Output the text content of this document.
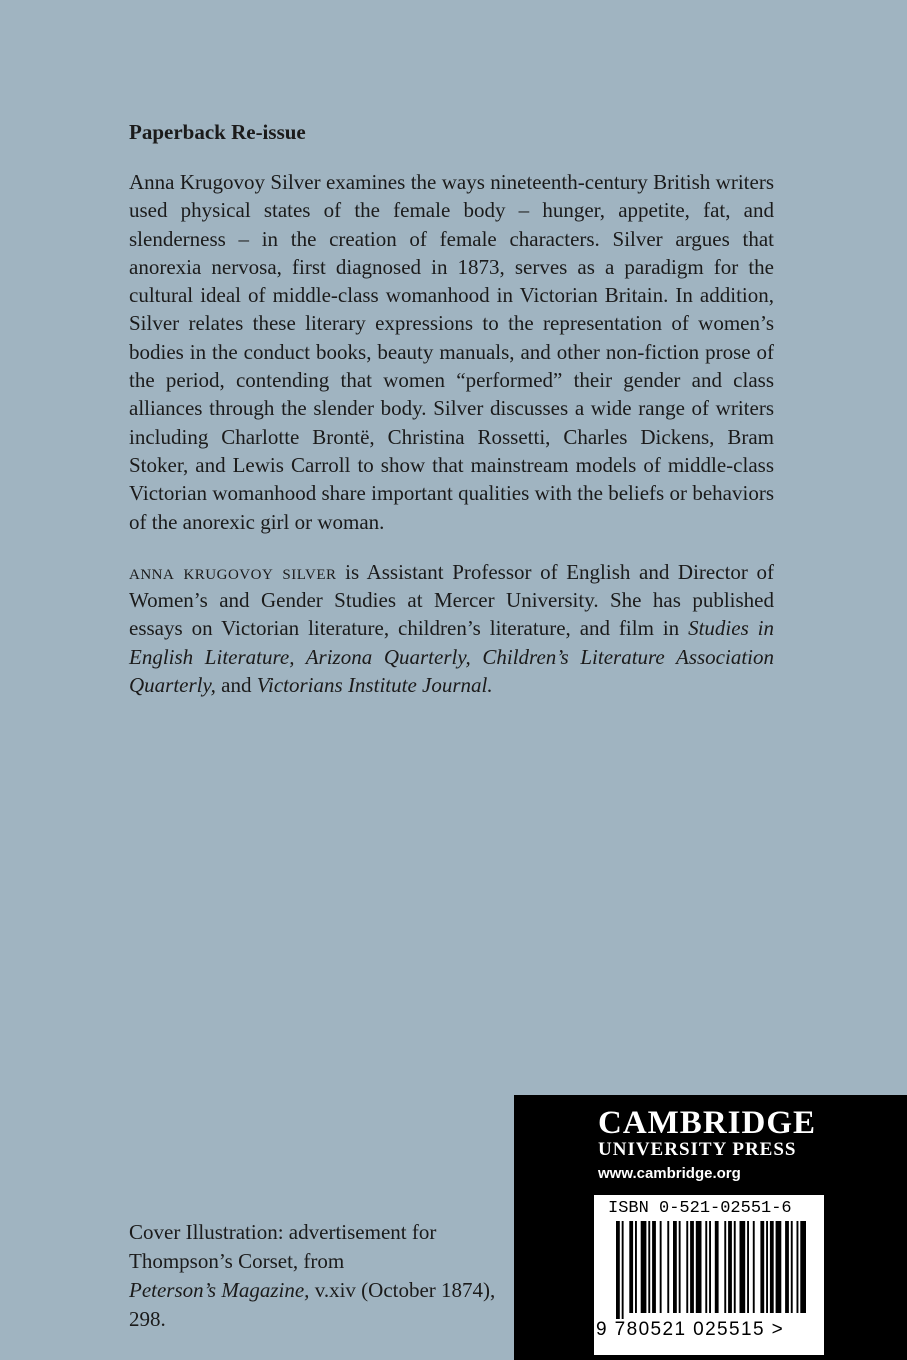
Paperback Re-issue

Anna Krugovoy Silver examines the ways nineteenth-century British writers used physical states of the female body – hunger, appetite, fat, and slenderness – in the creation of female characters. Silver argues that anorexia nervosa, first diagnosed in 1873, serves as a paradigm for the cultural ideal of middle-class womanhood in Victorian Britain. In addition, Silver relates these literary expressions to the representation of women’s bodies in the conduct books, beauty manuals, and other non-fiction prose of the period, contending that women “performed” their gender and class alliances through the slender body. Silver discusses a wide range of writers including Charlotte Brontë, Christina Rossetti, Charles Dickens, Bram Stoker, and Lewis Carroll to show that mainstream models of middle-class Victorian womanhood share important qualities with the beliefs or behaviors of the anorexic girl or woman.

anna krugovoy silver is Assistant Professor of English and Director of Women’s and Gender Studies at Mercer University. She has published essays on Victorian literature, children’s literature, and film in Studies in English Literature, Arizona Quarterly, Children’s Literature Association Quarterly, and Victorians Institute Journal.

Cover Illustration: advertisement for
Thompson’s Corset, from
Peterson’s Magazine, v.xiv (October 1874), 298.
CAMBRIDGE
UNIVERSITY PRESS
www.cambridge.org
ISBN 0-521-02551-6
9 780521 025515 >
